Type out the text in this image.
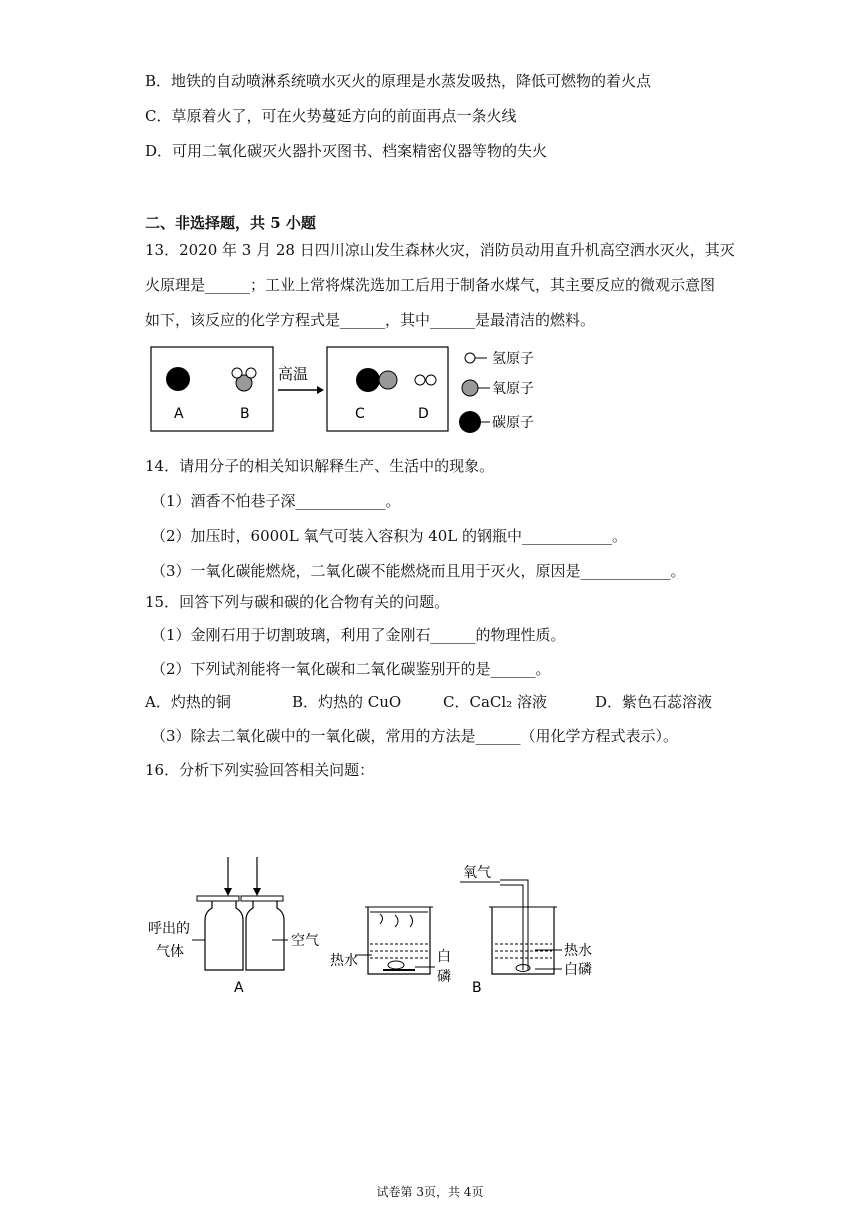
B．地铁的自动喷淋系统喷水灭火的原理是水蒸发吸热，降低可燃物的着火点
C．草原着火了，可在火势蔓延方向的前面再点一条火线
D．可用二氧化碳灭火器扑灭图书、档案精密仪器等物的失火
二、非选择题，共 5 小题
13．2020 年 3 月 28 日四川凉山发生森林火灾，消防员动用直升机高空洒水灭火，其灭
火原理是______；工业上常将煤洗选加工后用于制备水煤气，其主要反应的微观示意图
如下，该反应的化学方程式是______，其中______是最清洁的燃料。
A	B
高温
C	D
氢原子
氧原子
碳原子
14．请用分子的相关知识解释生产、生活中的现象。
（1）酒香不怕巷子深____________。
（2）加压时，6000L 氧气可装入容积为 40L 的钢瓶中____________。
（3）一氧化碳能燃烧，二氧化碳不能燃烧而且用于灭火，原因是____________。
15．回答下列与碳和碳的化合物有关的问题。
（1）金刚石用于切割玻璃，利用了金刚石______的物理性质。
（2）下列试剂能将一氧化碳和二氧化碳鉴别开的是______。
A．灼热的铜	B．灼热的 CuO	C．CaCl₂ 溶液	D．紫色石蕊溶液
（3）除去二氧化碳中的一氧化碳，常用的方法是______（用化学方程式表示）。
16．分析下列实验回答相关问题：
呼出的
气体
空气
A
热水	白
磷
氧气
热水
白磷
B
试卷第 3页，共 4页
